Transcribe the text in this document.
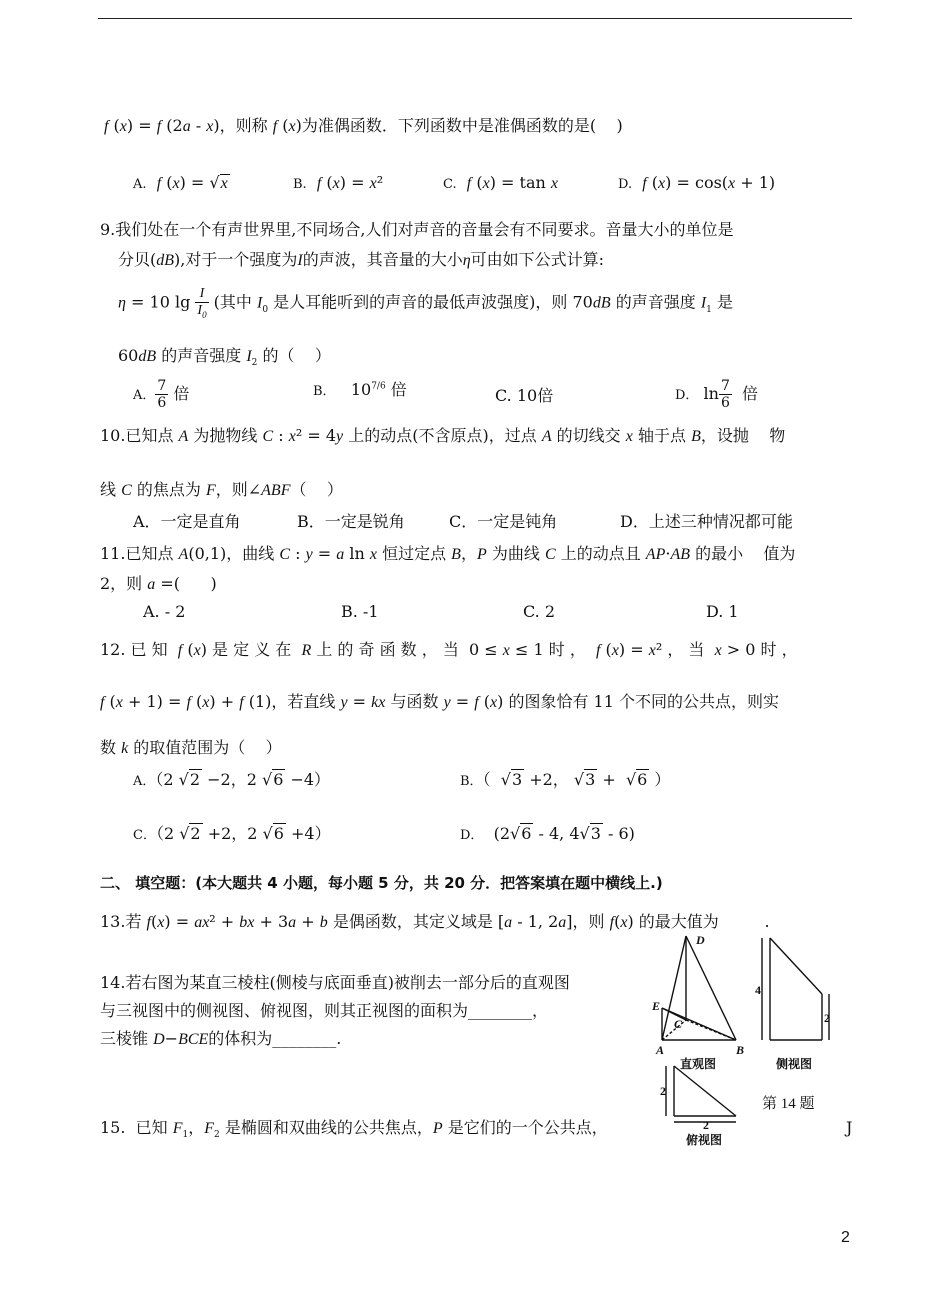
f (x) = f (2a - x)，则称 f (x)为准偶函数．下列函数中是准偶函数的是(    )
A. f (x) = √x	B. f (x) = x²	C. f (x) = tan x	D. f (x) = cos(x + 1)
9.我们处在一个有声世界里,不同场合,人们对声音的音量会有不同要求。音量大小的单位是
分贝(dB),对于一个强度为I的声波，其音量的大小η可由如下公式计算:
η = 10 $\lg \frac{I}{I_0}$ (其中 $I_0$ 是人耳能听到的声音的最低声波强度)，则 70dB 的声音强度 $I_1$ 是
60dB 的声音强度 $I_2$ 的（    ）
A． $\frac{7}{6}$ 倍	B．   $10^{7/6}$ 倍	C. 10倍	D． $\ln \frac{7}{6}$ 倍
10.已知点 A 为抛物线 C : x² = 4y 上的动点(不含原点)，过点 A 的切线交 x 轴于点 B，设抛    物
线 C 的焦点为 F，则∠ABF（    ）
A．一定是直角	B．一定是锐角	C．一定是钝角	D．上述三种情况都可能
11.已知点 A(0,1)，曲线 C : y = a ln x 恒过定点 B，P 为曲线 C 上的动点且 AP·AB 的最小    值为
2，则 a =(      )
A. - 2	B. -1	C. 2	D. 1
12. 已 知  f (x) 是 定 义 在  R 上 的 奇 函 数 ， 当  0 ≤ x ≤ 1 时 ，  f (x) = x² ， 当  x > 0 时 ，
f (x + 1) = f (x) + f (1)，若直线 y = kx 与函数 y = f (x) 的图象恰有 11 个不同的公共点，则实
数 k 的取值范围为（    ）
A．（2 √2 −2，2 √6 −4）	B．（  √3 +2， √3 +  √6 ）
C．（2 √2 +2，2 √6 +4）	D．  (2√6 - 4, 4√3 - 6)
二、 填空题：(本大题共 4 小题，每小题 5 分，共 20 分．把答案填在题中横线上.)
13.若 f(x) = ax² + bx + 3a + b 是偶函数，其定义域是 [a - 1, 2a]，则 f(x) 的最大值为         .
14.若右图为某直三棱柱(侧棱与底面垂直)被削去一部分后的直观图
与三视图中的侧视图、俯视图，则其正视图的面积为________，
三棱锥 D−BCE的体积为________.
15.  已知 $F_1$，$F_2$ 是椭圆和双曲线的公共焦点，P 是它们的一个公共点，	J
D
E
C
A	B
4
2
2
2
直观图	侧视图
俯视图
第 14 题
2
